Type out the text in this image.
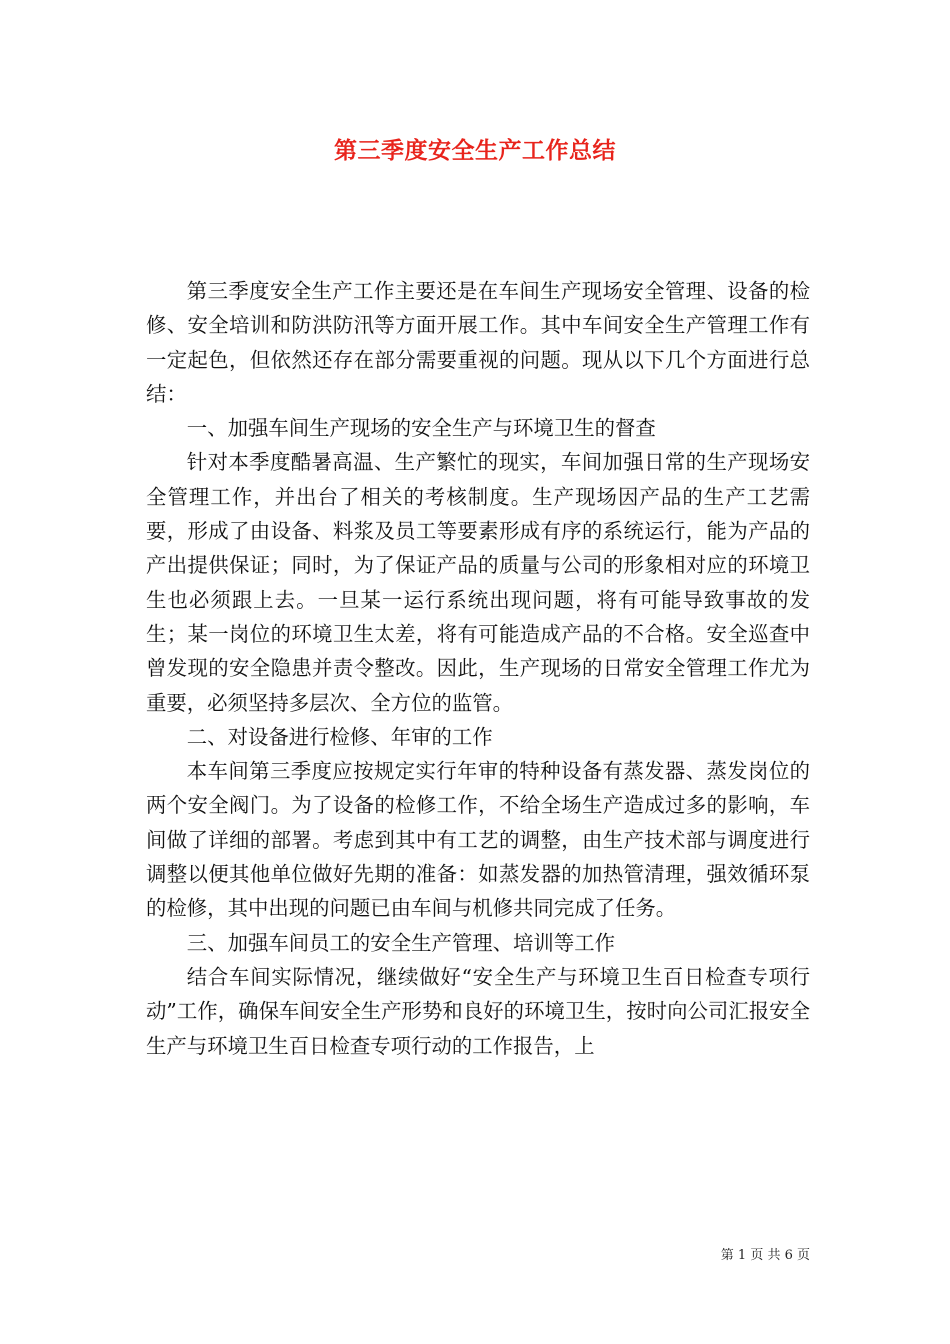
第三季度安全生产工作总结

第三季度安全生产工作主要还是在车间生产现场安全管理、设备的检修、安全培训和防洪防汛等方面开展工作。其中车间安全生产管理工作有一定起色，但依然还存在部分需要重视的问题。现从以下几个方面进行总结：

一、加强车间生产现场的安全生产与环境卫生的督查

针对本季度酷暑高温、生产繁忙的现实，车间加强日常的生产现场安全管理工作，并出台了相关的考核制度。生产现场因产品的生产工艺需要，形成了由设备、料浆及员工等要素形成有序的系统运行，能为产品的产出提供保证；同时，为了保证产品的质量与公司的形象相对应的环境卫生也必须跟上去。一旦某一运行系统出现问题，将有可能导致事故的发生；某一岗位的环境卫生太差，将有可能造成产品的不合格。安全巡查中曾发现的安全隐患并责令整改。因此，生产现场的日常安全管理工作尤为重要，必须坚持多层次、全方位的监管。

二、对设备进行检修、年审的工作

本车间第三季度应按规定实行年审的特种设备有蒸发器、蒸发岗位的两个安全阀门。为了设备的检修工作，不给全场生产造成过多的影响，车间做了详细的部署。考虑到其中有工艺的调整，由生产技术部与调度进行调整以便其他单位做好先期的准备：如蒸发器的加热管清理，强效循环泵的检修，其中出现的问题已由车间与机修共同完成了任务。

三、加强车间员工的安全生产管理、培训等工作

结合车间实际情况，继续做好“安全生产与环境卫生百日检查专项行动”工作，确保车间安全生产形势和良好的环境卫生，按时向公司汇报安全生产与环境卫生百日检查专项行动的工作报告，上

第 1 页 共 6 页
